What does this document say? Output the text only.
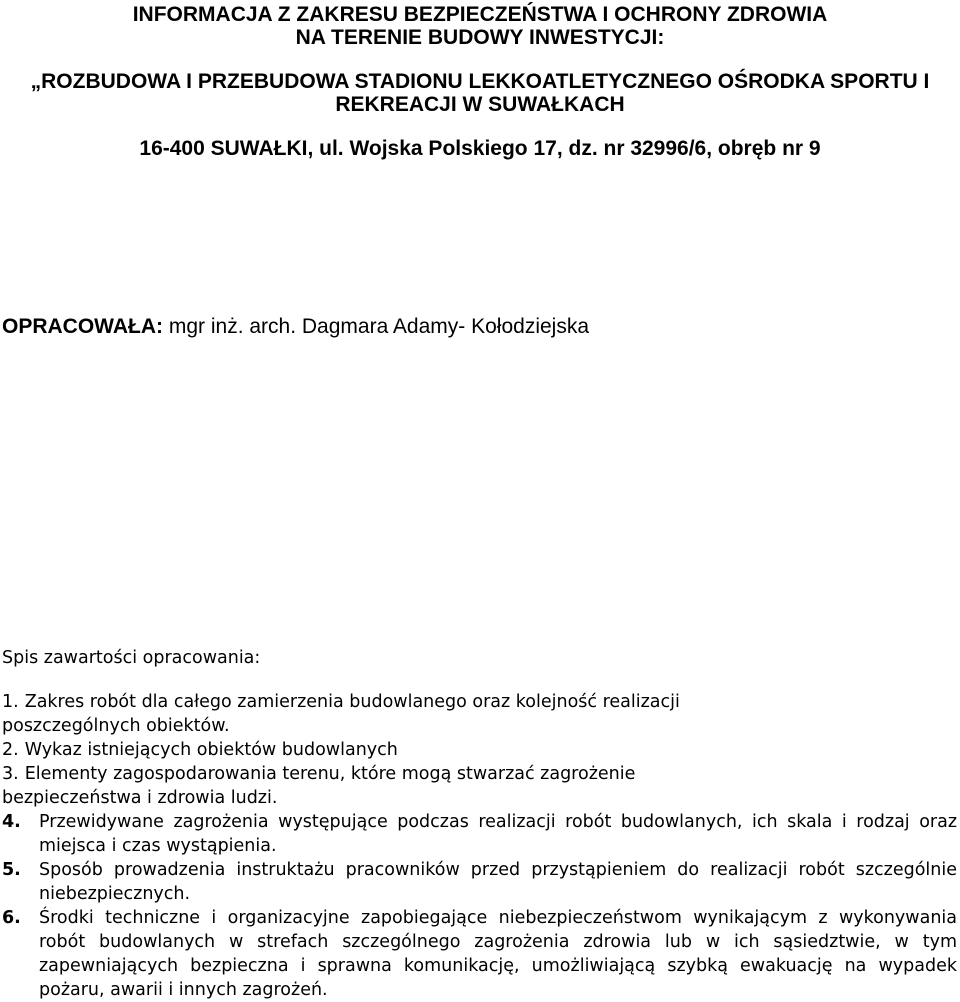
INFORMACJA Z ZAKRESU BEZPIECZEŃSTWA I OCHRONY ZDROWIA
NA TERENIE BUDOWY INWESTYCJI:
„ROZBUDOWA I PRZEBUDOWA STADIONU LEKKOATLETYCZNEGO OŚRODKA SPORTU I
REKREACJI W SUWAŁKACH
16-400 SUWAŁKI, ul. Wojska Polskiego 17, dz. nr 32996/6, obręb nr 9
OPRACOWAŁA: mgr inż. arch. Dagmara Adamy- Kołodziejska
Spis zawartości opracowania:
1. Zakres robót dla całego zamierzenia budowlanego oraz kolejność realizacji
poszczególnych obiektów.
2. Wykaz istniejących obiektów budowlanych
3. Elementy zagospodarowania terenu, które mogą stwarzać zagrożenie
bezpieczeństwa i zdrowia ludzi.
4. Przewidywane zagrożenia występujące podczas realizacji robót budowlanych, ich skala i rodzaj oraz miejsca i czas wystąpienia.
5. Sposób prowadzenia instruktażu pracowników przed przystąpieniem do realizacji robót szczególnie niebezpiecznych.
6. Środki techniczne i organizacyjne zapobiegające niebezpieczeństwom wynikającym z wykonywania robót budowlanych w strefach szczególnego zagrożenia zdrowia lub w ich sąsiedztwie, w tym zapewniających bezpieczna i sprawna komunikację, umożliwiającą szybką ewakuację na wypadek pożaru, awarii i innych zagrożeń.
